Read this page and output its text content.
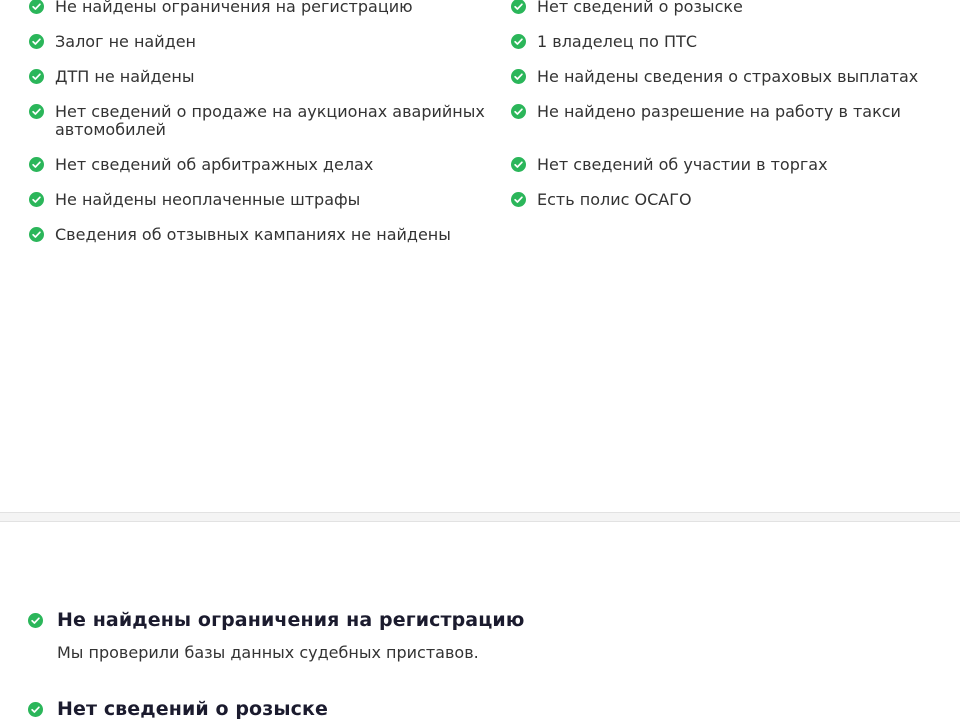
Не найдены ограничения на регистрацию
Залог не найден
ДТП не найдены
Нет сведений о продаже на аукционах аварийных автомобилей
Нет сведений об арбитражных делах
Не найдены неоплаченные штрафы
Сведения об отзывных кампаниях не найдены
Нет сведений о розыске
1 владелец по ПТС
Не найдены сведения о страховых выплатах
Не найдено разрешение на работу в такси
Нет сведений об участии в торгах
Есть полис ОСАГО
Не найдены ограничения на регистрацию
Мы проверили базы данных судебных приставов.
Нет сведений о розыске
